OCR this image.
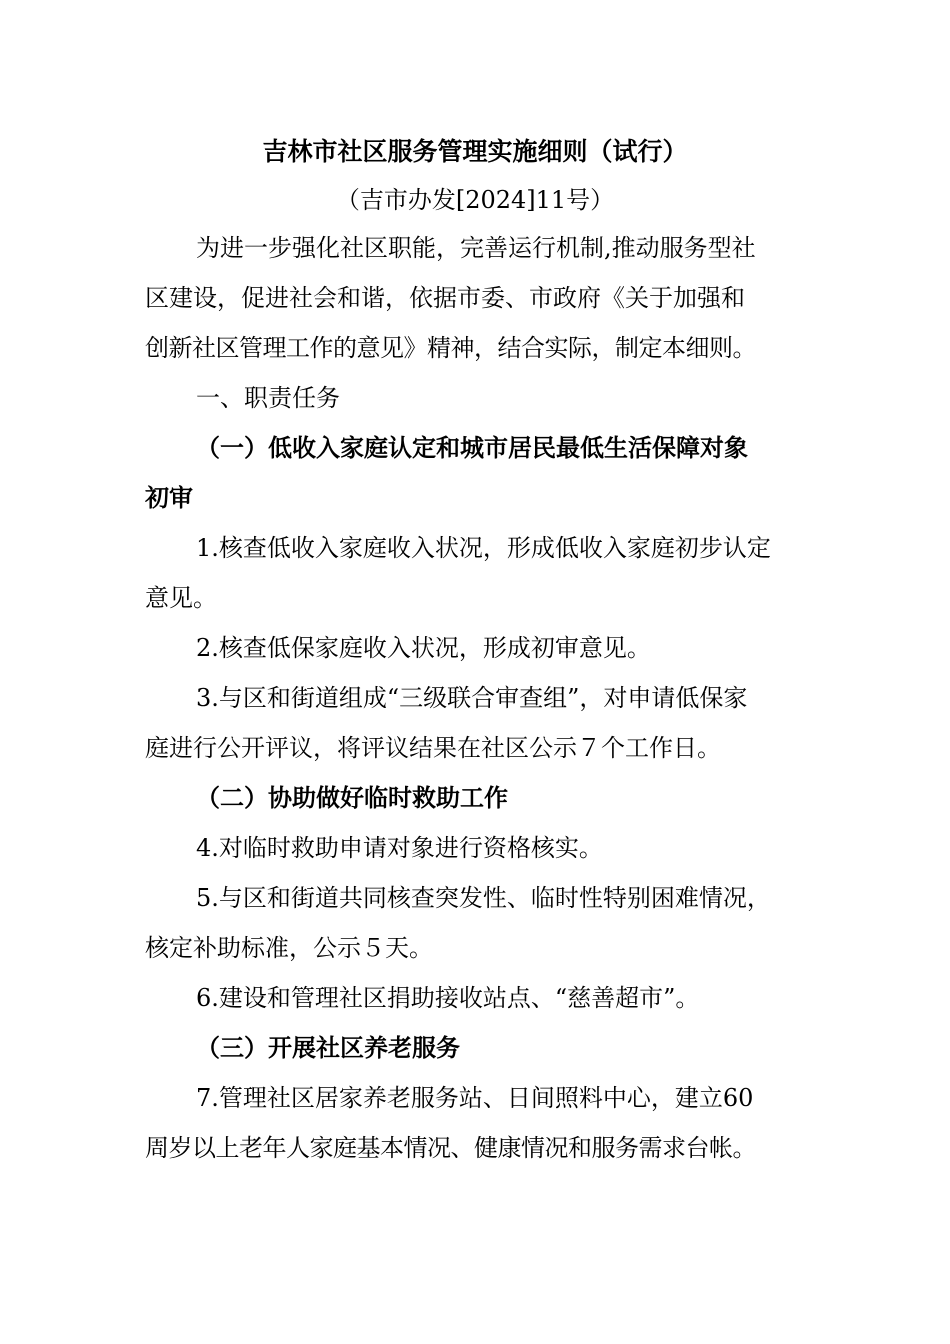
吉林市社区服务管理实施细则（试行）
（吉市办发[2024]11号）
为进一步强化社区职能，完善运行机制,推动服务型社
区建设，促进社会和谐，依据市委、市政府《关于加强和
创新社区管理工作的意见》精神，结合实际，制定本细则。
一、职责任务
（一）低收入家庭认定和城市居民最低生活保障对象
初审
1.核查低收入家庭收入状况，形成低收入家庭初步认定
意见。
2.核查低保家庭收入状况，形成初审意见。
3.与区和街道组成“三级联合审查组”，对申请低保家
庭进行公开评议，将评议结果在社区公示７个工作日。
（二）协助做好临时救助工作
4.对临时救助申请对象进行资格核实。
5.与区和街道共同核查突发性、临时性特别困难情况，
核定补助标准，公示５天。
6.建设和管理社区捐助接收站点、“慈善超市”。
（三）开展社区养老服务
7.管理社区居家养老服务站、日间照料中心，建立60
周岁以上老年人家庭基本情况、健康情况和服务需求台帐。
